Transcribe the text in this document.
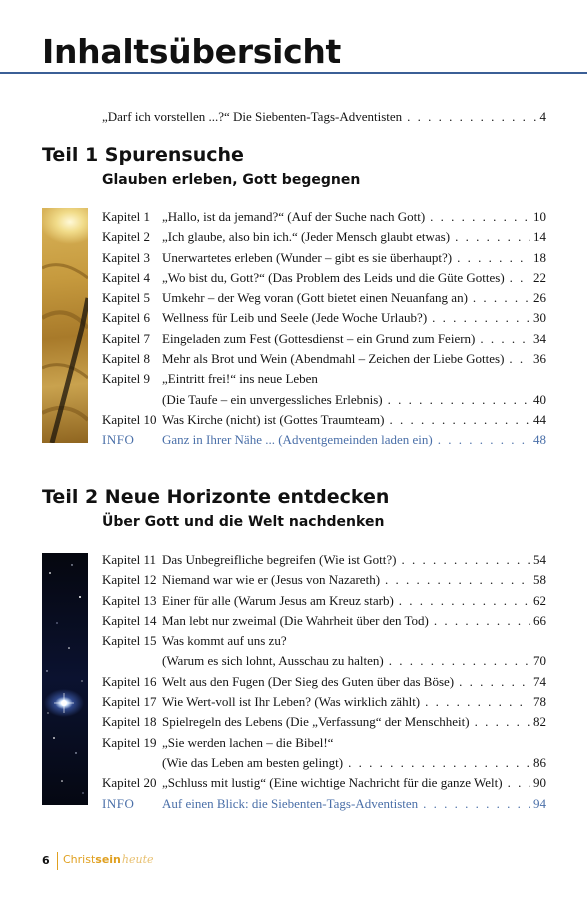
Inhaltsübersicht
„Darf ich vorstellen ...?“ Die Siebenten-Tags-Adventisten . . .	4
Teil 1 Spurensuche
Glauben erleben, Gott begegnen
Kapitel 1 „Hallo, ist da jemand?“ (Auf der Suche nach Gott) . . .	10
Kapitel 2 „Ich glaube, also bin ich.“ (Jeder Mensch glaubt etwas) . . .	14
Kapitel 3 Unerwartetes erleben (Wunder – gibt es sie überhaupt?) . . .	18
Kapitel 4 „Wo bist du, Gott?“ (Das Problem des Leids und die Güte Gottes) . . . 22
Kapitel 5 Umkehr – der Weg voran (Gott bietet einen Neuanfang an) . . .	26
Kapitel 6 Wellness für Leib und Seele (Jede Woche Urlaub?) . . .	30
Kapitel 7 Eingeladen zum Fest (Gottesdienst – ein Grund zum Feiern) . . .	34
Kapitel 8 Mehr als Brot und Wein (Abendmahl – Zeichen der Liebe Gottes) . . . 36
Kapitel 9 „Eintritt frei!“ ins neue Leben
(Die Taufe – ein unvergessliches Erlebnis) . . .	40
Kapitel 10 Was Kirche (nicht) ist (Gottes Traumteam) . . .	44
INFO	Ganz in Ihrer Nähe ... (Adventgemeinden laden ein) . . .	48
Teil 2 Neue Horizonte entdecken
Über Gott und die Welt nachdenken
Kapitel 11 Das Unbegreifliche begreifen (Wie ist Gott?) . . .	54
Kapitel 12 Niemand war wie er (Jesus von Nazareth) . . .	58
Kapitel 13 Einer für alle (Warum Jesus am Kreuz starb) . . .	62
Kapitel 14 Man lebt nur zweimal (Die Wahrheit über den Tod) . . .	66
Kapitel 15 Was kommt auf uns zu?
(Warum es sich lohnt, Ausschau zu halten) . . .	70
Kapitel 16 Welt aus den Fugen (Der Sieg des Guten über das Böse) . . .	74
Kapitel 17 Wie Wert-voll ist Ihr Leben? (Was wirklich zählt) . . .	78
Kapitel 18 Spielregeln des Lebens (Die „Verfassung“ der Menschheit) . . .	82
Kapitel 19 „Sie werden lachen – die Bibel!“
(Wie das Leben am besten gelingt) . . .	86
Kapitel 20 „Schluss mit lustig“ (Eine wichtige Nachricht für die ganze Welt) . . . 90
INFO	Auf einen Blick: die Siebenten-Tags-Adventisten . . .	94
6 Christseinheute
